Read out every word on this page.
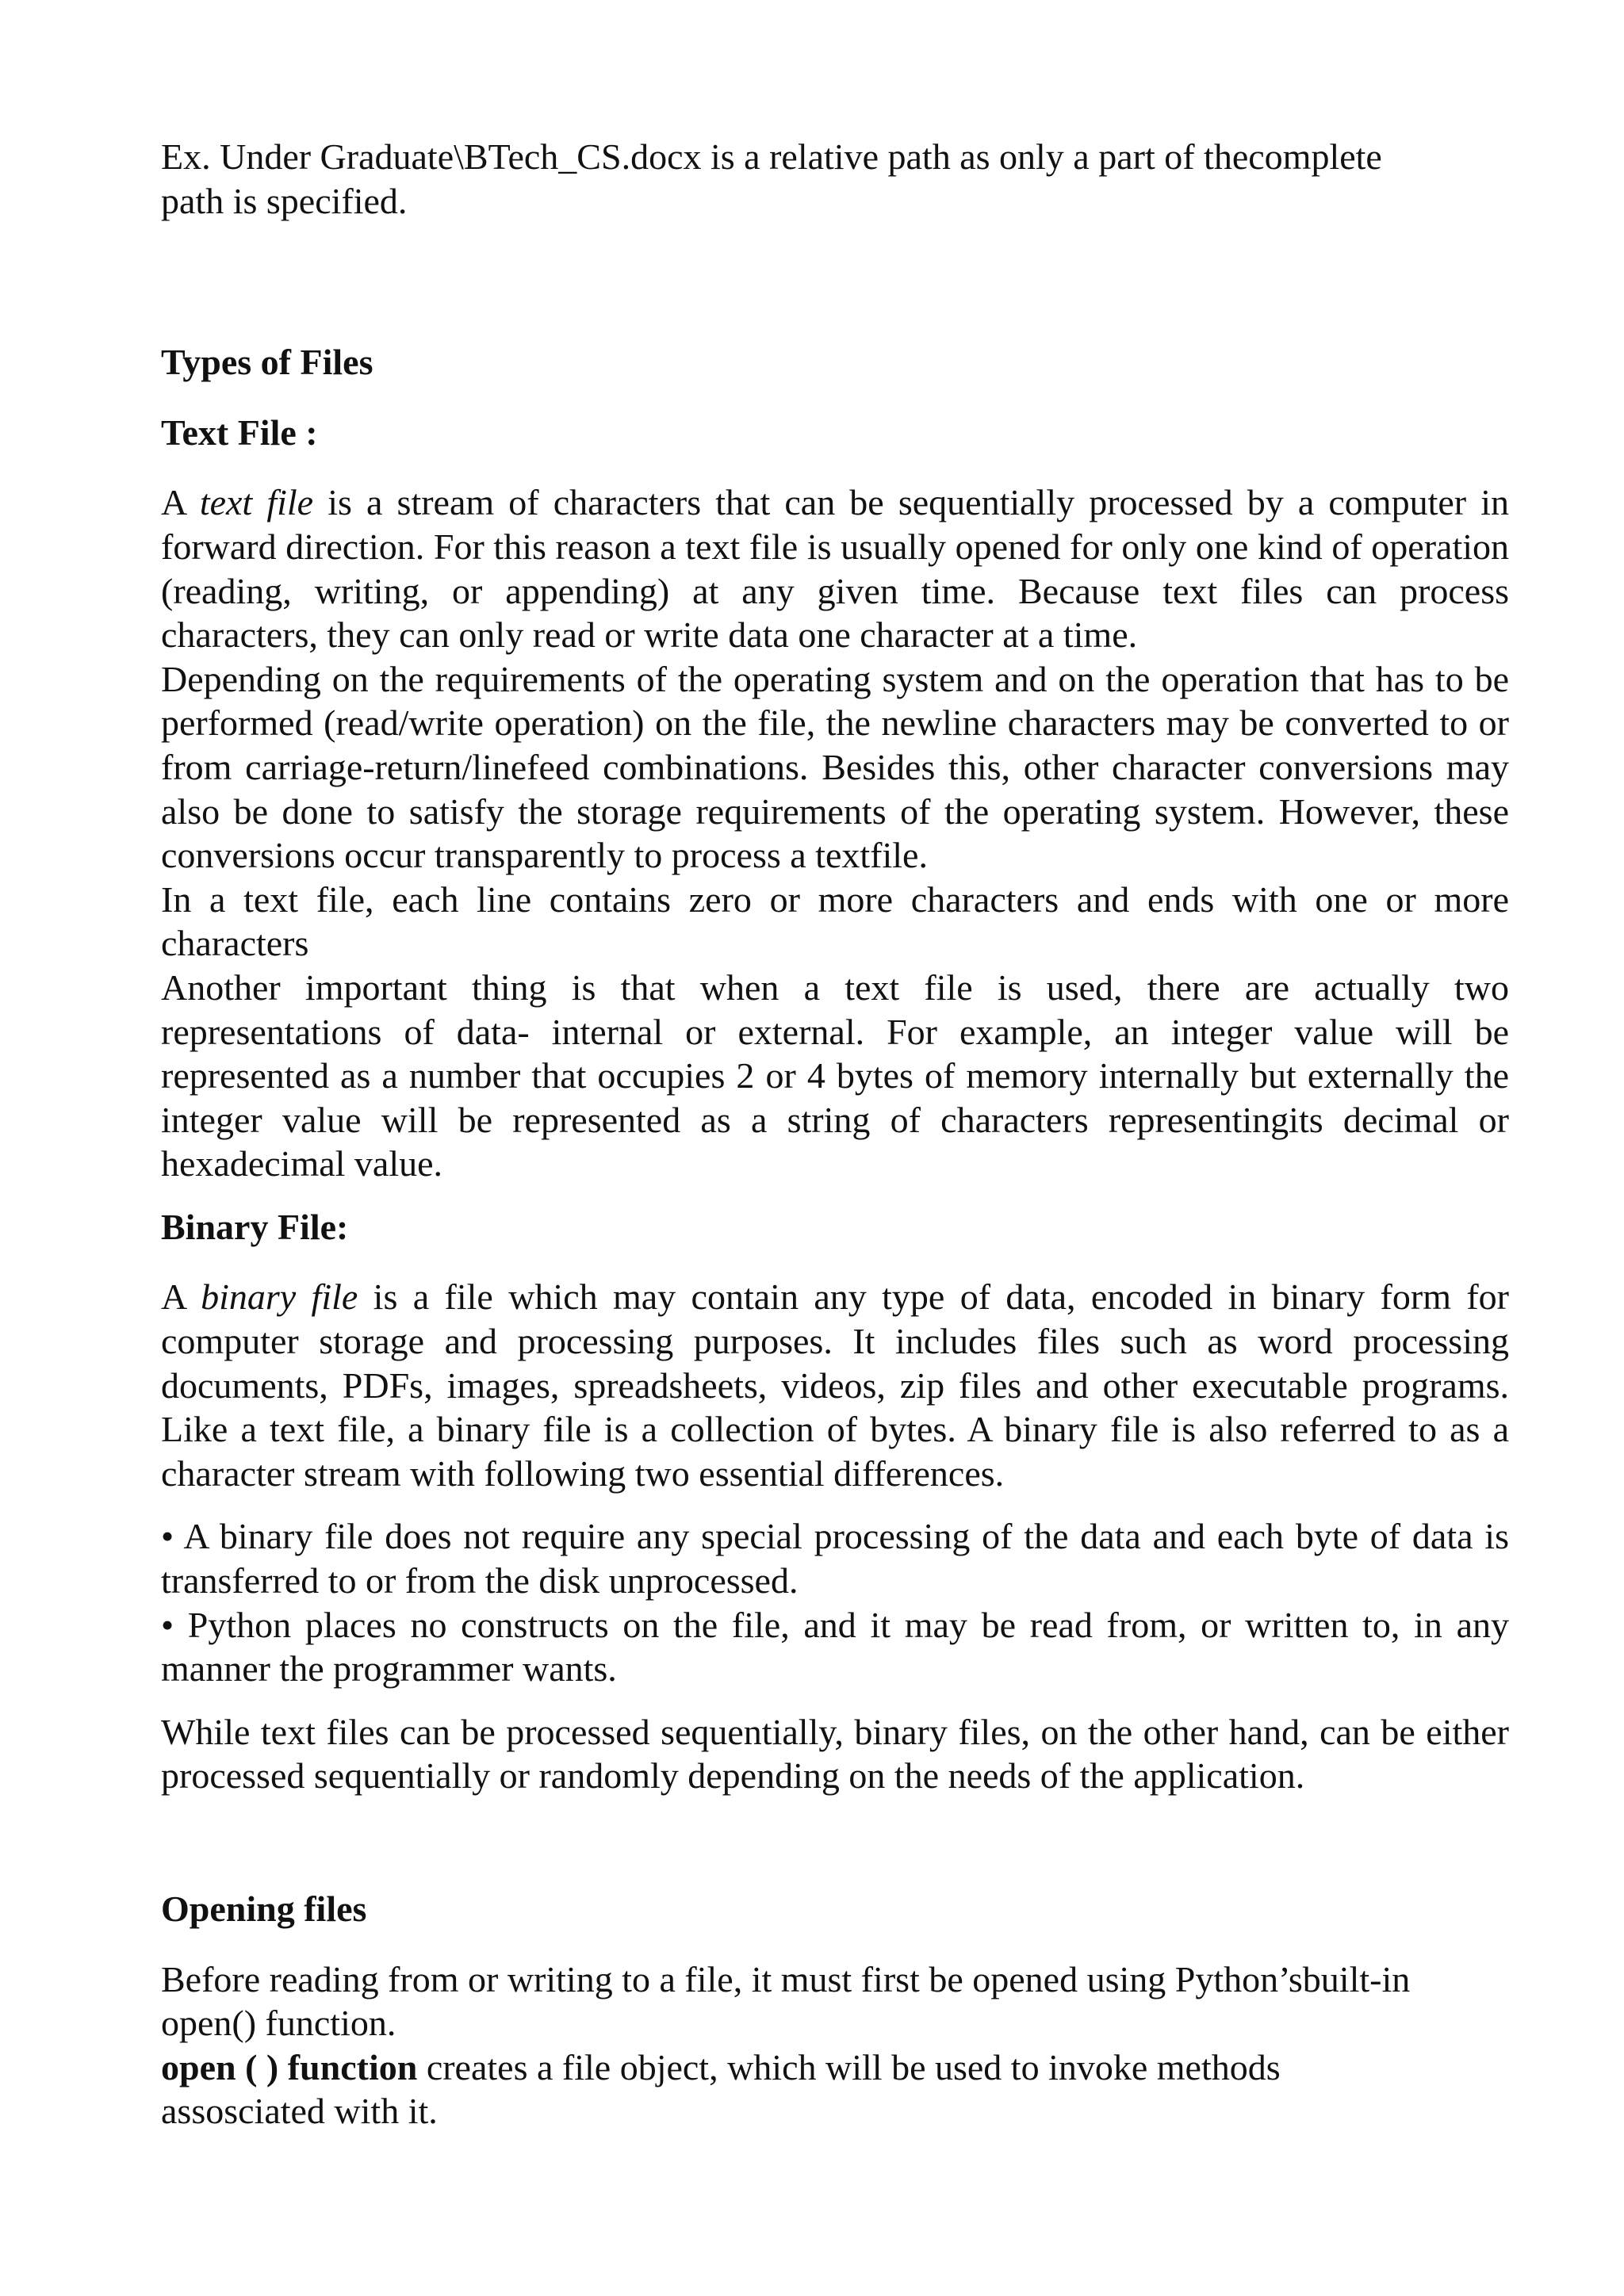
Ex. Under Graduate\BTech_CS.docx is a relative path as only a part of thecomplete
path is specified.

Types of Files

Text File :

A text file is a stream of characters that can be sequentially processed by a computer in forward direction. For this reason a text file is usually opened for only one kind of operation (reading, writing, or appending) at any given time. Because text files can process characters, they can only read or write data one character at a time.

Depending on the requirements of the operating system and on the operation that has to be performed (read/write operation) on the file, the newline characters may be converted to or from carriage-return/linefeed combinations. Besides this, other character conversions may also be done to satisfy the storage requirements of the operating system. However, these conversions occur transparently to process a textfile.

In a text file, each line contains zero or more characters and ends with one or more characters

Another important thing is that when a text file is used, there are actually two representations of data- internal or external. For example, an integer value will be represented as a number that occupies 2 or 4 bytes of memory internally but externally the integer value will be represented as a string of characters representingits decimal or hexadecimal value.

Binary File:

A binary file is a file which may contain any type of data, encoded in binary form for computer storage and processing purposes. It includes files such as word processing documents, PDFs, images, spreadsheets, videos, zip files and other executable programs. Like a text file, a binary file is a collection of bytes. A binary file is also referred to as a character stream with following two essential differences.

• A binary file does not require any special processing of the data and each byte of data is transferred to or from the disk unprocessed.

• Python places no constructs on the file, and it may be read from, or written to, in any manner the programmer wants.

While text files can be processed sequentially, binary files, on the other hand, can be either processed sequentially or randomly depending on the needs of the application.

Opening files

Before reading from or writing to a file, it must first be opened using Python’sbuilt-in
open() function.

open ( ) function creates a file object, which will be used to invoke methods
assosciated with it.
